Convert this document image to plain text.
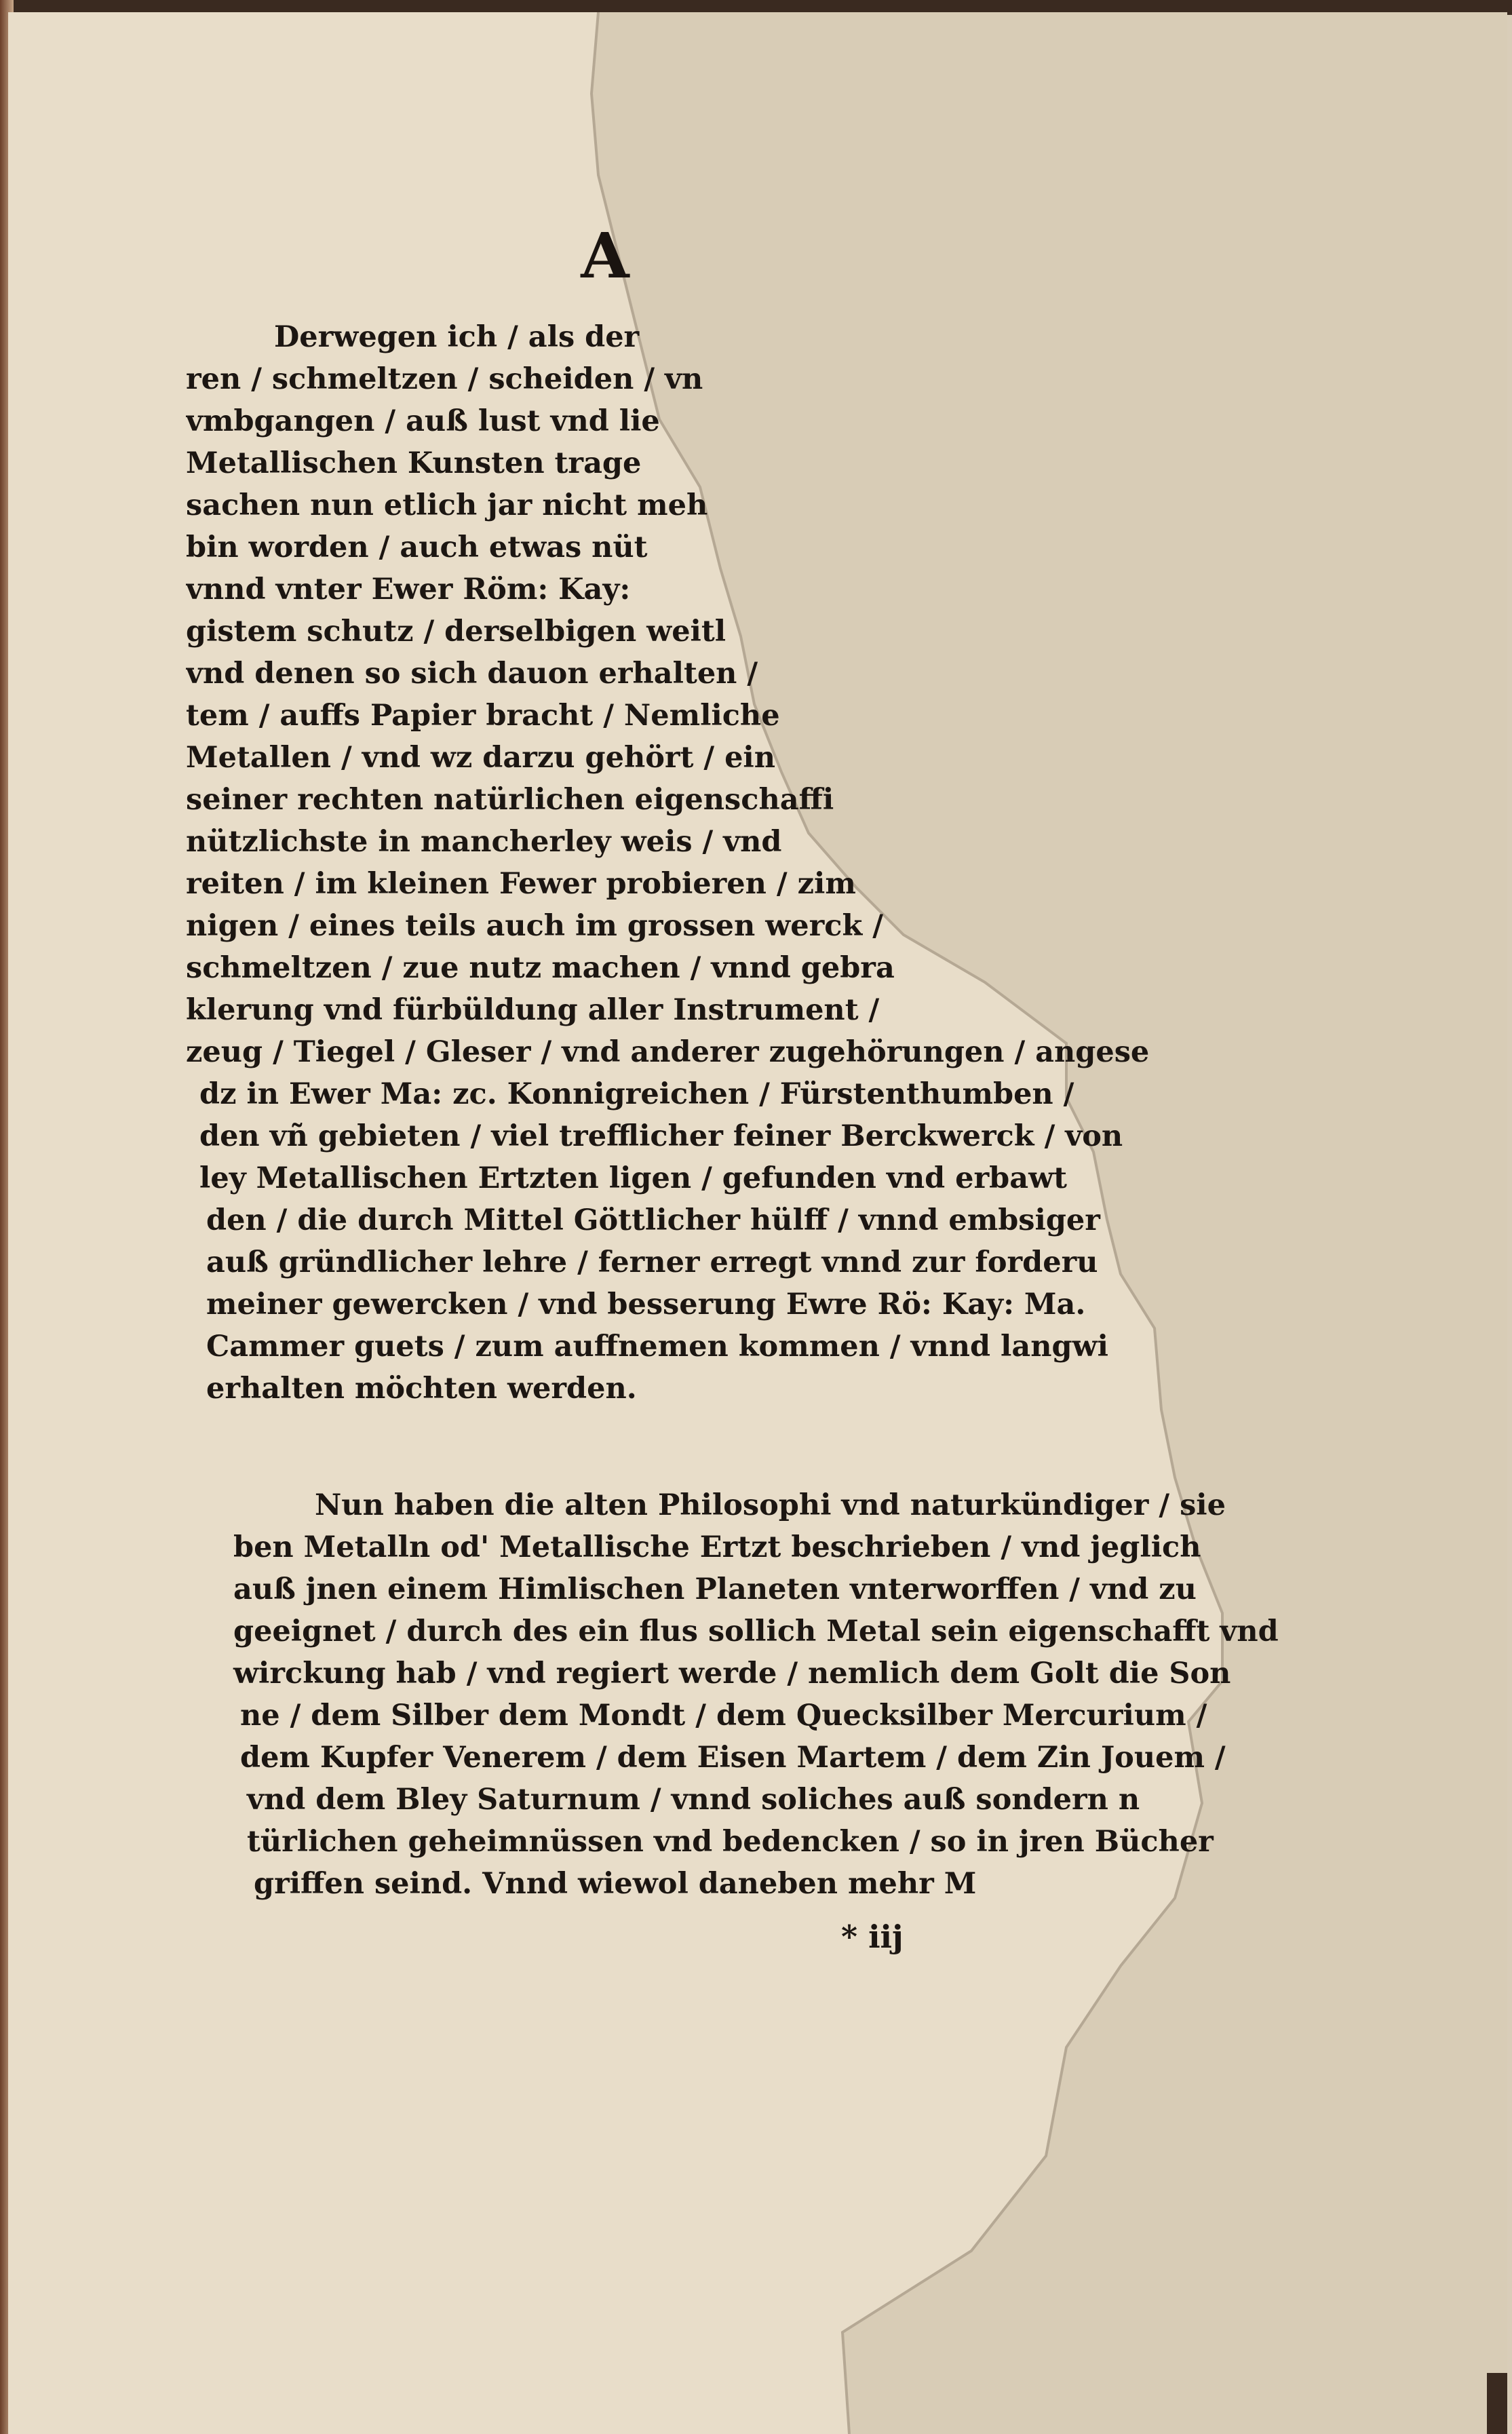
A
Derwegen ich / als der
ren / schmeltzen / scheiden / vn
vmbgangen / auß lust vnd lie
Metallischen Kunsten trage
sachen nun etlich jar nicht meh
bin worden / auch etwas nüt
vnnd vnter Ewer Röm: Kay:
gistem schutz / derselbigen weitl
vnd denen so sich dauon erhalten /
tem / auffs Papier bracht / Nemliche
Metallen / vnd wz darzu gehört / ein
seiner rechten natürlichen eigenschaffi
nützlichste in mancherley weis / vnd
reiten / im kleinen Fewer probieren / zim
nigen / eines teils auch im grossen werck /
schmeltzen / zue nutz machen / vnnd gebra
klerung vnd fürbüldung aller Instrument /
zeug / Tiegel / Gleser / vnd anderer zugehörungen / angese
dz in Ewer Ma: zc. Konnigreichen / Fürstenthumben /
den vñ gebieten / viel trefflicher feiner Berckwerck / von
ley Metallischen Ertzten ligen / gefunden vnd erbawt
den / die durch Mittel Göttlicher hülff / vnnd embsiger
auß gründlicher lehre / ferner erregt vnnd zur forderu
meiner gewercken / vnd besserung Ewre Rö: Kay: Ma.
Cammer guets / zum auffnemen kommen / vnnd langwi
erhalten möchten werden.
Nun haben die alten Philosophi vnd naturkündiger / sie
ben Metalln od' Metallische Ertzt beschrieben / vnd jeglich
auß jnen einem Himlischen Planeten vnterworffen / vnd zu
geeignet / durch des ein flus sollich Metal sein eigenschafft vnd
wirckung hab / vnd regiert werde / nemlich dem Golt die Son
ne / dem Silber dem Mondt / dem Quecksilber Mercurium /
dem Kupfer Venerem / dem Eisen Martem / dem Zin Jouem /
vnd dem Bley Saturnum / vnnd soliches auß sondern n
türlichen geheimnüssen vnd bedencken / so in jren Bücher
griffen seind. Vnnd wiewol daneben mehr M
* iij
